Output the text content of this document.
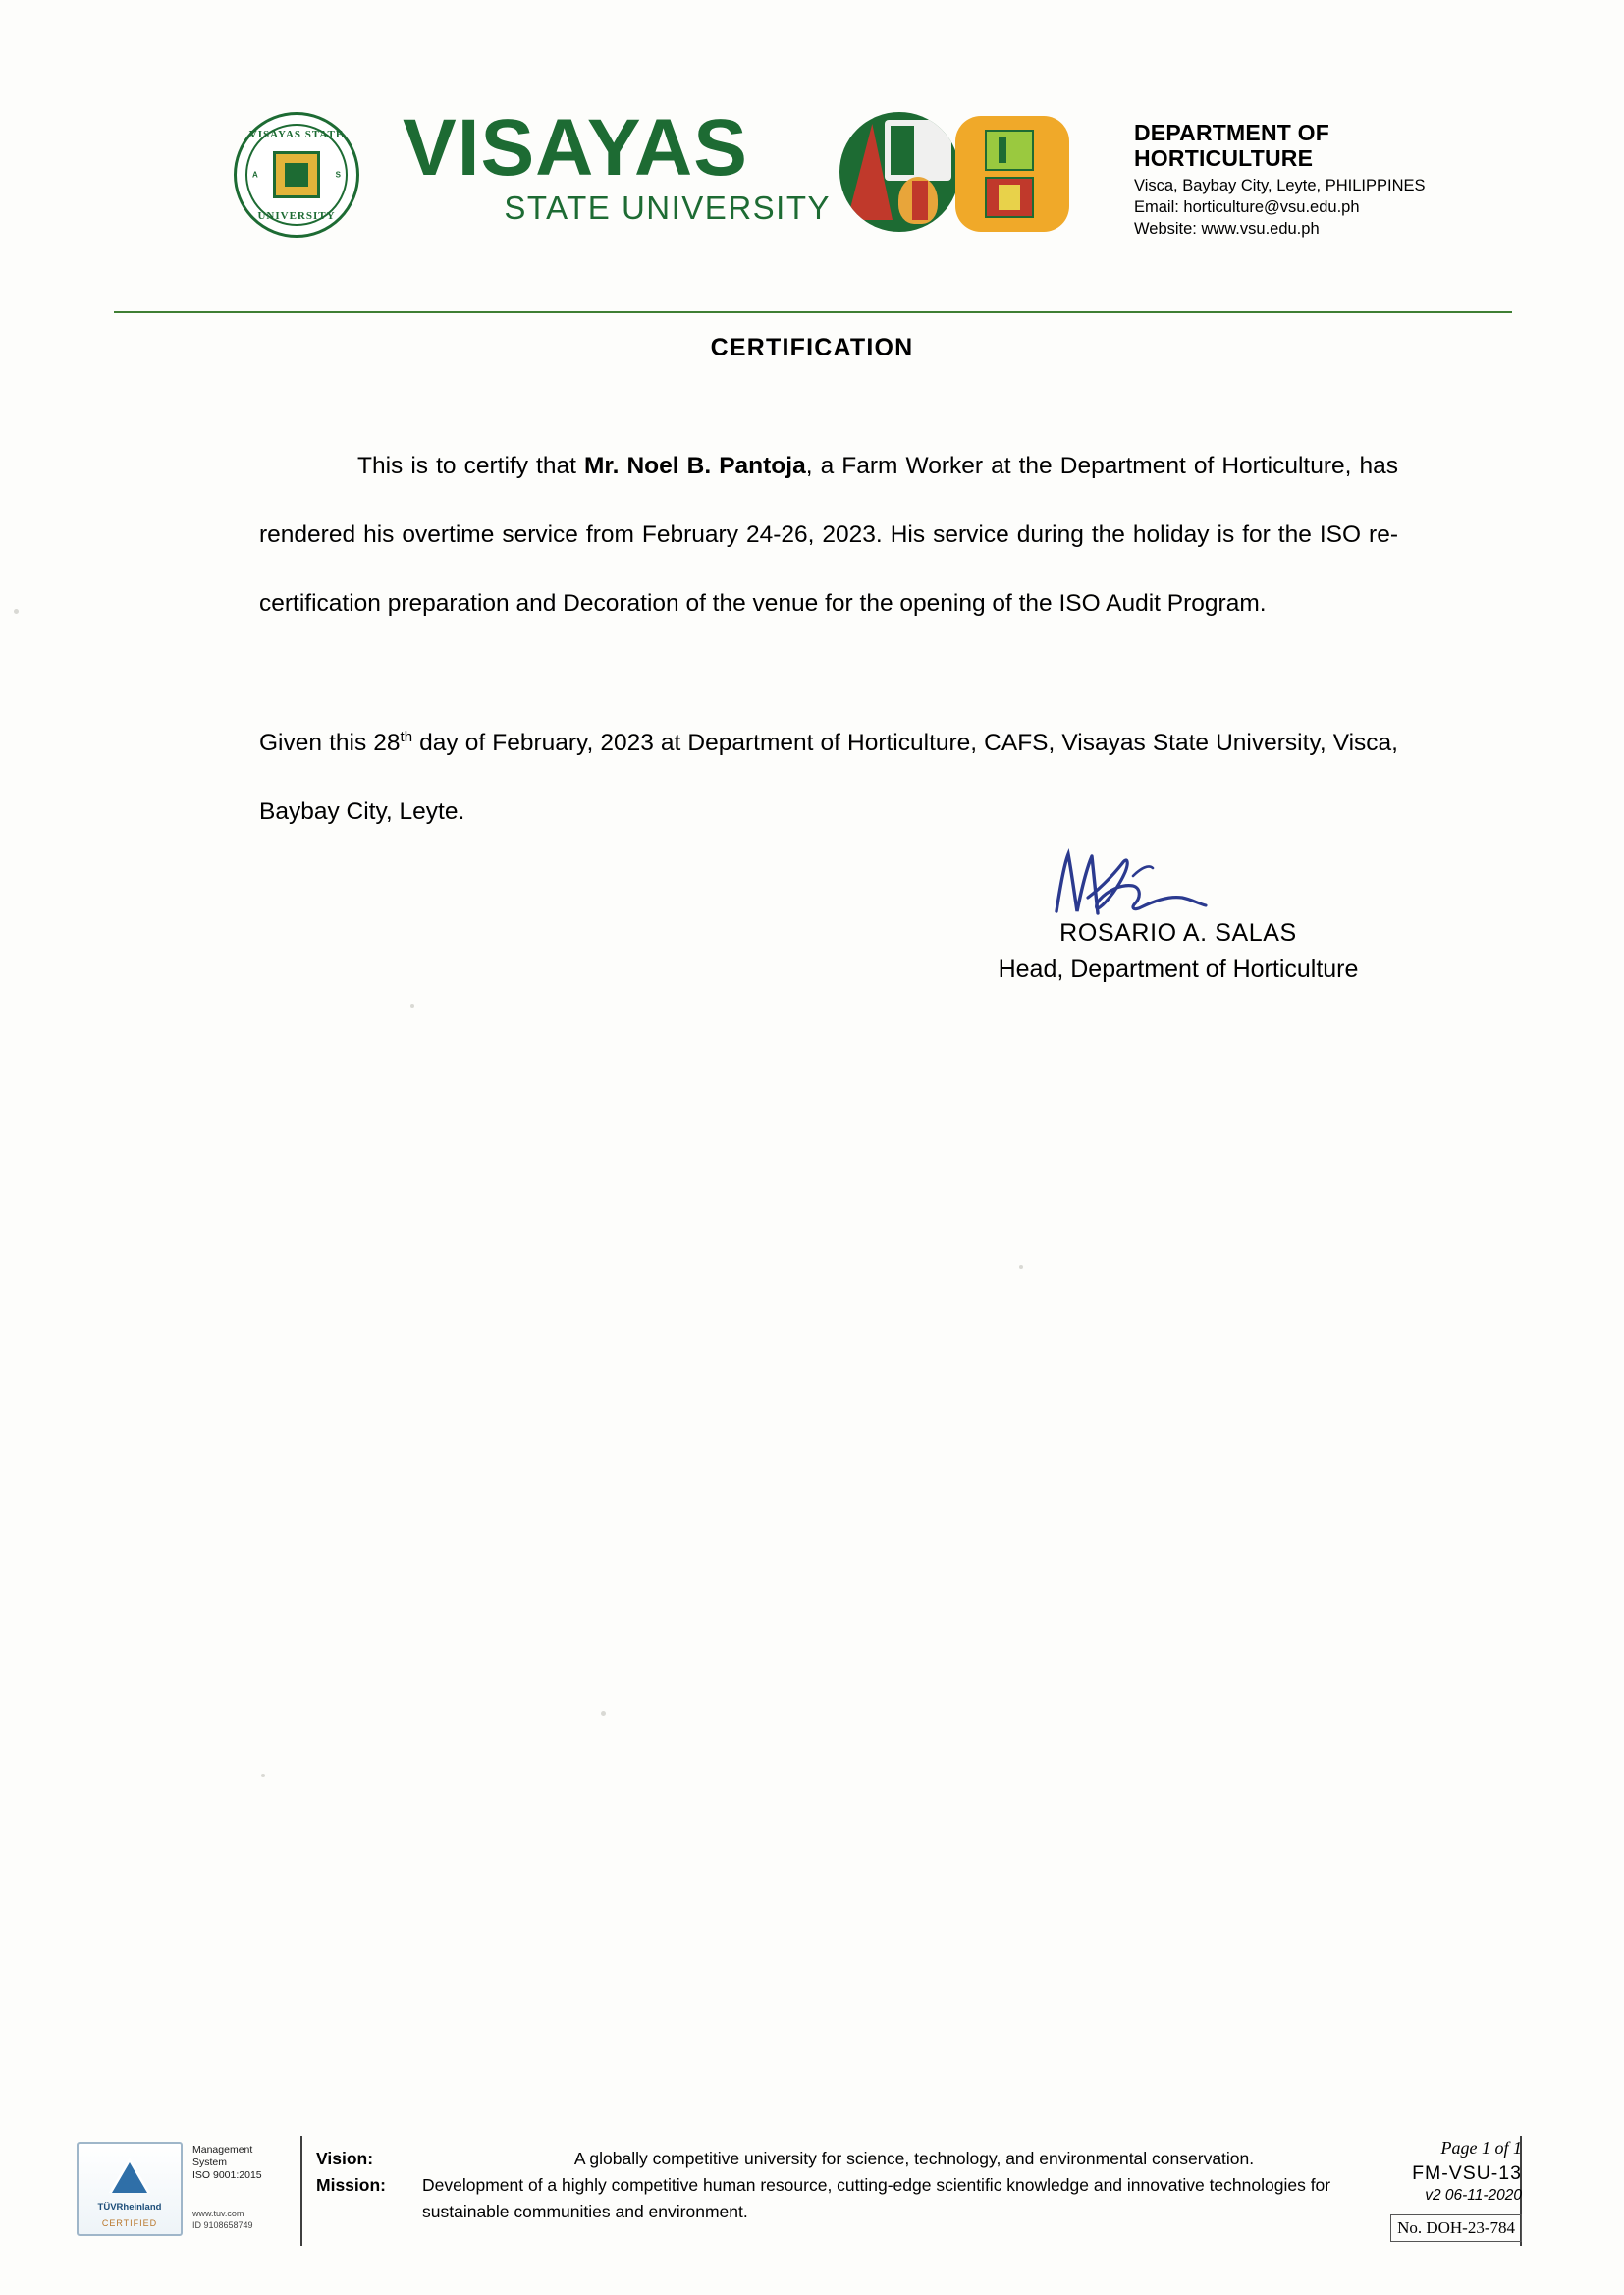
VISAYAS STATE
A	S
UNIVERSITY
VISAYAS
STATE UNIVERSITY
DEPARTMENT OF
HORTICULTURE
Visca, Baybay City, Leyte, PHILIPPINES
Email: horticulture@vsu.edu.ph
Website: www.vsu.edu.ph
CERTIFICATION

This is to certify that Mr. Noel B. Pantoja, a Farm Worker at the Department of Horticulture, has rendered his overtime service from February 24-26, 2023. His service during the holiday is for the ISO re-certification preparation and Decoration of the venue for the opening of the ISO Audit Program.

Given this 28th day of February, 2023 at Department of Horticulture, CAFS, Visayas State University, Visca, Baybay City, Leyte.
ROSARIO A. SALAS
Head, Department of Horticulture
TÜVRheinland
CERTIFIED
Management
System
ISO 9001:2015
www.tuv.com
ID 9108658749
Vision:	A globally competitive university for science, technology, and environmental conservation.
Mission:	Development of a highly competitive human resource, cutting-edge scientific knowledge and innovative technologies for sustainable communities and environment.
Page 1 of 1
FM-VSU-13
v2 06-11-2020
No. DOH-23-784
